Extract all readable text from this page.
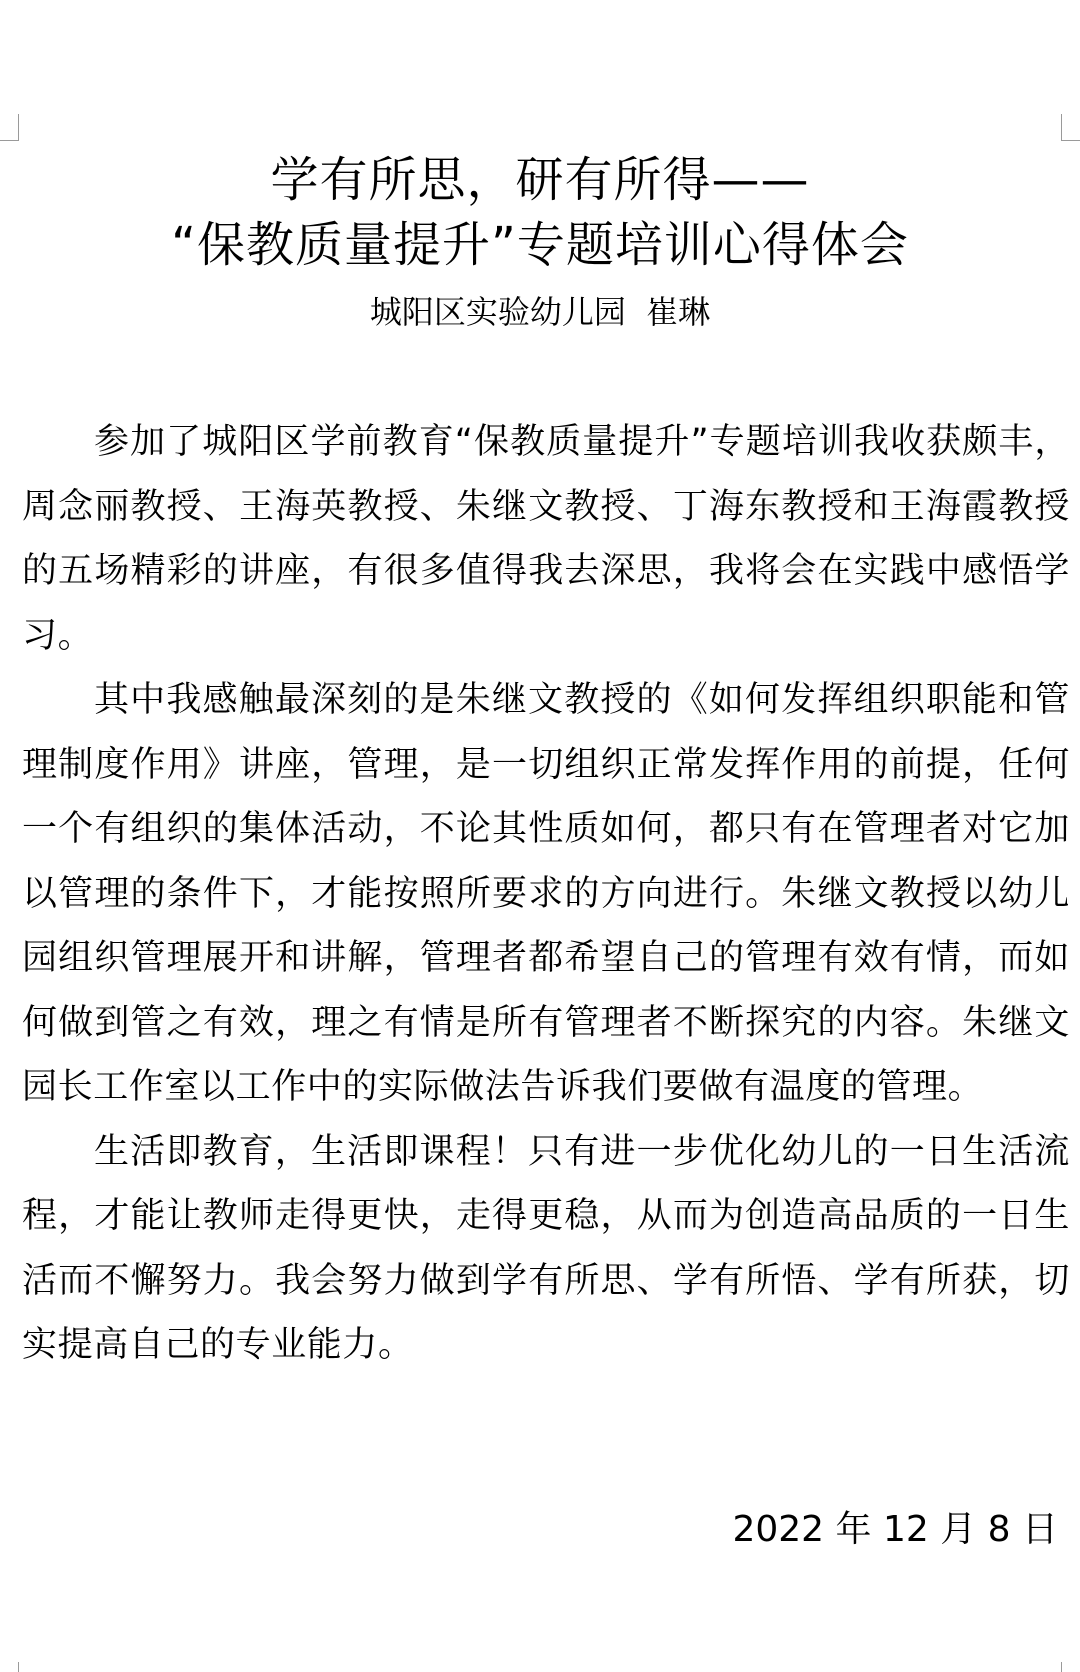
学有所思，研有所得——
“保教质量提升”专题培训心得体会
城阳区实验幼儿园  崔琳

参加了城阳区学前教育“保教质量提升”专题培训我收获颇丰，周念丽教授、王海英教授、朱继文教授、丁海东教授和王海霞教授的五场精彩的讲座，有很多值得我去深思，我将会在实践中感悟学习。

其中我感触最深刻的是朱继文教授的《如何发挥组织职能和管理制度作用》讲座，管理，是一切组织正常发挥作用的前提，任何一个有组织的集体活动，不论其性质如何，都只有在管理者对它加以管理的条件下，才能按照所要求的方向进行。朱继文教授以幼儿园组织管理展开和讲解，管理者都希望自己的管理有效有情，而如何做到管之有效，理之有情是所有管理者不断探究的内容。朱继文园长工作室以工作中的实际做法告诉我们要做有温度的管理。

生活即教育，生活即课程！只有进一步优化幼儿的一日生活流程，才能让教师走得更快，走得更稳，从而为创造高品质的一日生活而不懈努力。我会努力做到学有所思、学有所悟、学有所获，切实提高自己的专业能力。

2022 年 12 月 8 日
